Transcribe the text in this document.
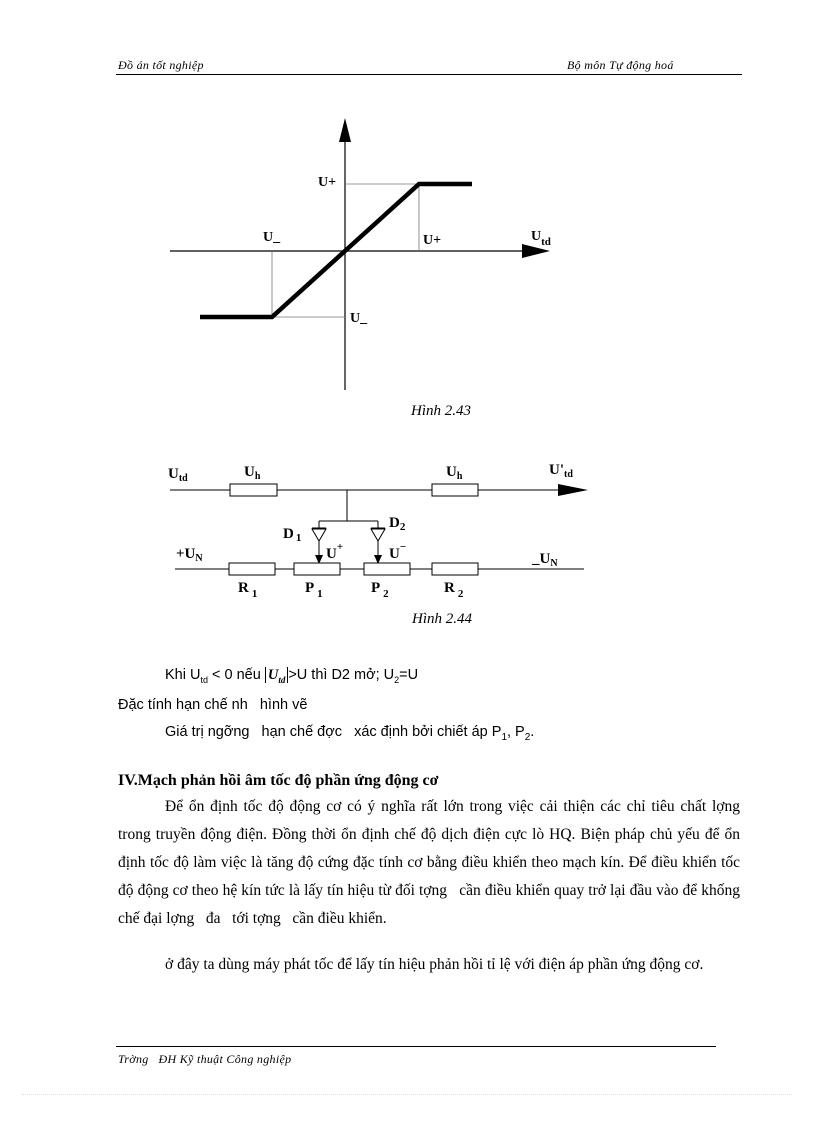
Đồ án tốt nghiệp	Bộ môn Tự động hoá
U+
U_	U+
U_
$U_{td}$
Hình 2.43
$U_{td}$
$U'_{td}$
$U_h$	$U_h$
D $_1$
$D_2$
U+	U−
$+U_N$	$\_U_N$
R $_1$	P $_1$	P $_2$	R $_2$
Hình 2.44
Khi $U_{td} < 0$ nếu $U_{td} >U$ thì D2 mở; $U_2=U$
Đặc tính hạn chế nh   hình vẽ
Giá trị ngỡng   hạn chế đợc   xác định bởi chiết áp $P_1$, $P_2$.
IV.Mạch phản hồi âm tốc độ phần ứng động cơ
Để ổn định tốc độ động cơ có ý nghĩa rất lớn trong việc cải thiện các chỉ tiêu chất lợng   trong truyền động điện. Đồng thời ổn định chế độ dịch điện cực lò HQ. Biện pháp chủ yếu để ổn định tốc độ làm việc là tăng độ cứng đặc tính cơ bằng điều khiển theo mạch kín. Để điều khiển tốc độ động cơ theo hệ kín tức là lấy tín hiệu từ đối tợng   cần điều khiển quay trở lại đầu vào để khống chế đại lợng   đa   tới tợng   cần điều khiển.
ở đây ta dùng máy phát tốc để lấy tín hiệu phản hồi tỉ lệ với điện áp phần ứng động cơ.
Trờng   ĐH Kỹ thuật Công nghiệp
